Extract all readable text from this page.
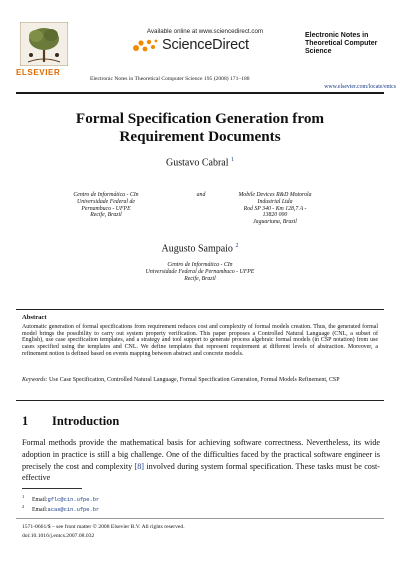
ELSEVIER
Available online at www.sciencedirect.com
ScienceDirect
Electronic Notes in Theoretical Computer Science 195 (2008) 171–188
Electronic Notes in Theoretical Computer Science
www.elsevier.com/locate/entcs
Formal Specification Generation from
Requirement Documents
Gustavo Cabral $^1$
Centro de Informática - CIn
Universidade Federal de
Pernambuco - UFPE
Recife, Brazil
and	Mobile Devices R&D Motorola
Industrial Ltda
Rod SP 340 - Km 128,7 A -
13820 000
Jaguariuna, Brazil
Augusto Sampaio $^2$
Centro de Informática - CIn
Universidade Federal de Pernambuco - UFPE
Recife, Brazil
Abstract
Automatic generation of formal specifications from requirement reduces cost and complexity of formal models creation. Thus, the generated formal model brings the possibility to carry out system property verification. This paper proposes a Controlled Natural Language (CNL, a subset of English), use case specification templates, and a strategy and tool support to generate process algebraic formal models (in CSP notation) from use cases specified using the templates and CNL. We define templates that represent requirement at different levels of abstraction. Moreover, a refinement notion is defined based on events mapping between abstract and concrete models.
Keywords: Use Case Specification, Controlled Natural Language, Formal Specification Generation, Formal Models Refinement, CSP
1 Introduction
Formal methods provide the mathematical basis for achieving software correctness. Nevertheless, its wide adoption in practice is still a big challenge. One of the difficulties faced by the practical software engineer is precisely the cost and complexity [8] involved during system formal specification. These tasks must be cost-effective
1Email:gflc@cin.ufpe.br
2Email:acas@cin.ufpe.br
1571-0661/$ – see front matter © 2008 Elsevier B.V. All rights reserved.
doi:10.1016/j.entcs.2007.08.032
